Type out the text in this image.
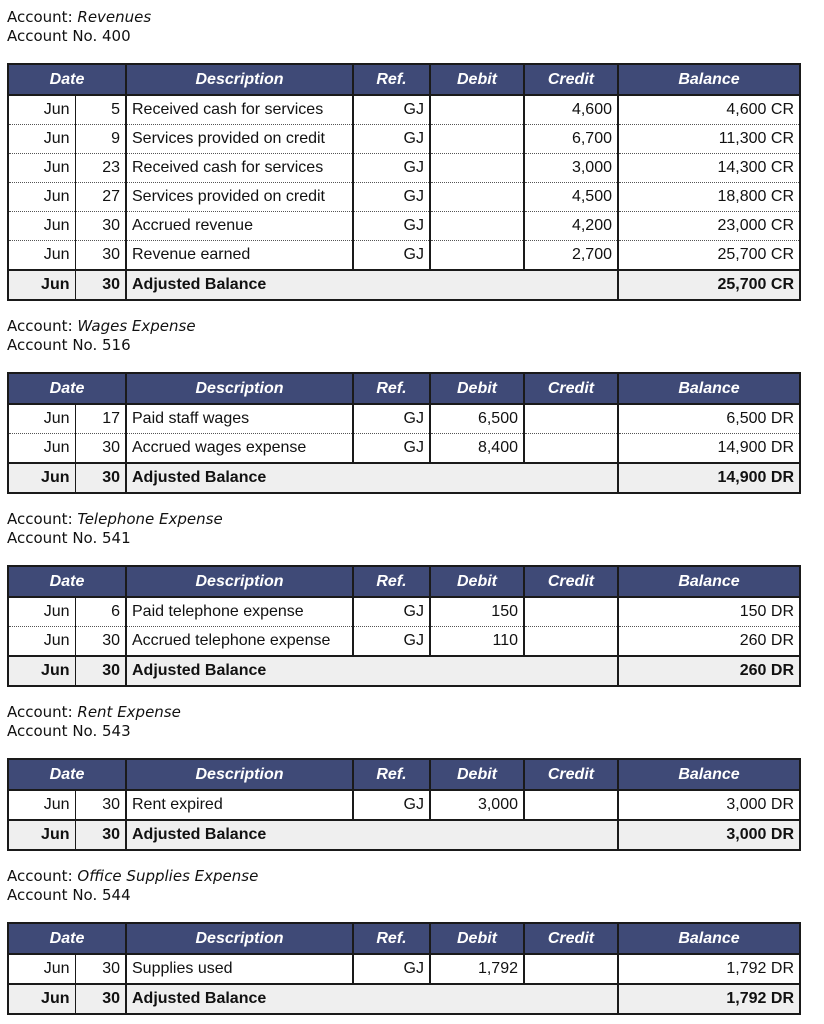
Account: Revenues
Account No. 400
Date		Description	Ref.	Debit	Credit	Balance
Jun	5	Received cash for services	GJ		4,600	4,600 CR
Jun	9	Services provided on credit	GJ		6,700	11,300 CR
Jun	23	Received cash for services	GJ		3,000	14,300 CR
Jun	27	Services provided on credit	GJ		4,500	18,800 CR
Jun	30	Accrued revenue	GJ		4,200	23,000 CR
Jun	30	Revenue earned	GJ		2,700	25,700 CR
Jun	30	Adjusted Balance				25,700 CR
Account: Wages Expense
Account No. 516
Date		Description	Ref.	Debit	Credit	Balance
Jun	17	Paid staff wages	GJ	6,500		6,500 DR
Jun	30	Accrued wages expense	GJ	8,400		14,900 DR
Jun	30	Adjusted Balance				14,900 DR
Account: Telephone Expense
Account No. 541
Date		Description	Ref.	Debit	Credit	Balance
Jun	6	Paid telephone expense	GJ	150		150 DR
Jun	30	Accrued telephone expense	GJ	110		260 DR
Jun	30	Adjusted Balance				260 DR
Account: Rent Expense
Account No. 543
Date		Description	Ref.	Debit	Credit	Balance
Jun	30	Rent expired	GJ	3,000		3,000 DR
Jun	30	Adjusted Balance				3,000 DR
Account: Office Supplies Expense
Account No. 544
Date		Description	Ref.	Debit	Credit	Balance
Jun	30	Supplies used	GJ	1,792		1,792 DR
Jun	30	Adjusted Balance				1,792 DR
